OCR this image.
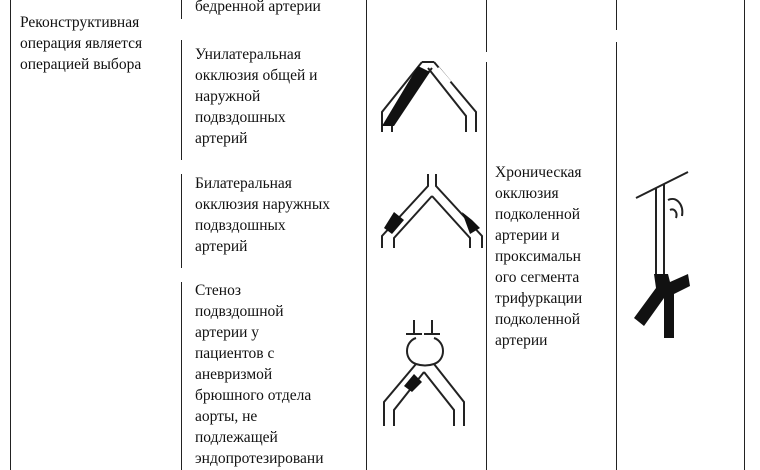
Реконструктивная
операция является
операцией выбора
бедренной артерии
Унилатеральная
окклюзия общей и
наружной
подвздошных
артерий
Билатеральная
окклюзия наружных
подвздошных
артерий
Стеноз
подвздошной
артерии у
пациентов с
аневризмой
брюшного отдела
аорты, не
подлежащей
эндопротезировани
Хроническая
окклюзия
подколенной
артерии и
проксимальн
ого сегмента
трифуркации
подколенной
артерии
